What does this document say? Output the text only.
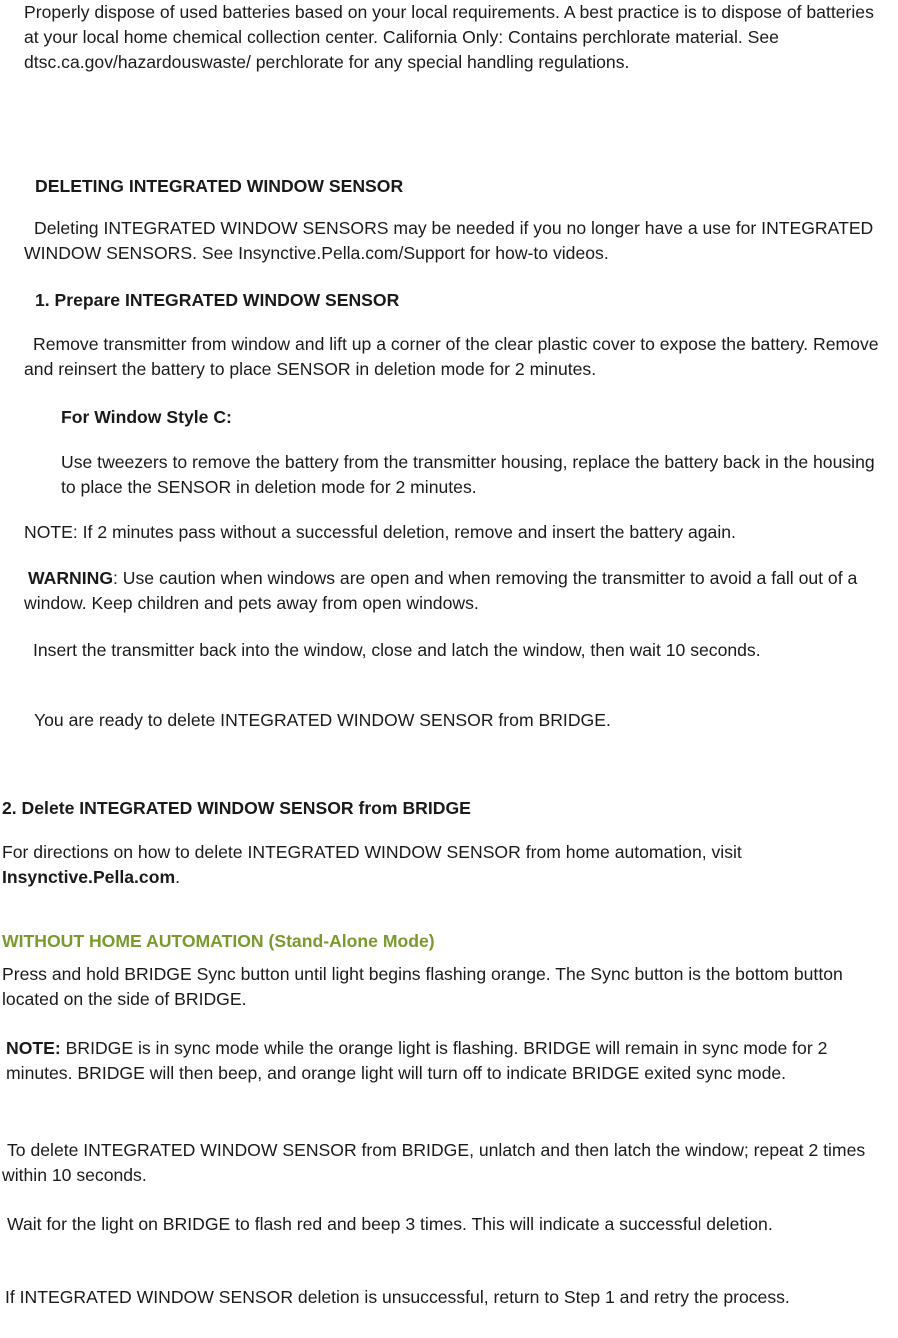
Properly dispose of used batteries based on your local requirements. A best practice is to dispose of batteries at your local home chemical collection center. California Only: Contains perchlorate material. See dtsc.ca.gov/hazardouswaste/ perchlorate for any special handling regulations.

DELETING INTEGRATED WINDOW SENSOR

Deleting INTEGRATED WINDOW SENSORS may be needed if you no longer have a use for INTEGRATED WINDOW SENSORS. See Insynctive.Pella.com/Support for how-to videos.

1. Prepare INTEGRATED WINDOW SENSOR

Remove transmitter from window and lift up a corner of the clear plastic cover to expose the battery. Remove and reinsert the battery to place SENSOR in deletion mode for 2 minutes.

For Window Style C:

Use tweezers to remove the battery from the transmitter housing, replace the battery back in the housing to place the SENSOR in deletion mode for 2 minutes.

NOTE: If 2 minutes pass without a successful deletion, remove and insert the battery again.

WARNING: Use caution when windows are open and when removing the transmitter to avoid a fall out of a window. Keep children and pets away from open windows.

Insert the transmitter back into the window, close and latch the window, then wait 10 seconds.

You are ready to delete INTEGRATED WINDOW SENSOR from BRIDGE.

2. Delete INTEGRATED WINDOW SENSOR from BRIDGE

For directions on how to delete INTEGRATED WINDOW SENSOR from home automation, visit Insynctive.Pella.com.

WITHOUT HOME AUTOMATION (Stand-Alone Mode)

Press and hold BRIDGE Sync button until light begins flashing orange. The Sync button is the bottom button located on the side of BRIDGE.

NOTE: BRIDGE is in sync mode while the orange light is flashing. BRIDGE will remain in sync mode for 2 minutes. BRIDGE will then beep, and orange light will turn off to indicate BRIDGE exited sync mode.

To delete INTEGRATED WINDOW SENSOR from BRIDGE, unlatch and then latch the window; repeat 2 times within 10 seconds.

Wait for the light on BRIDGE to flash red and beep 3 times. This will indicate a successful deletion.

If INTEGRATED WINDOW SENSOR deletion is unsuccessful, return to Step 1 and retry the process.
